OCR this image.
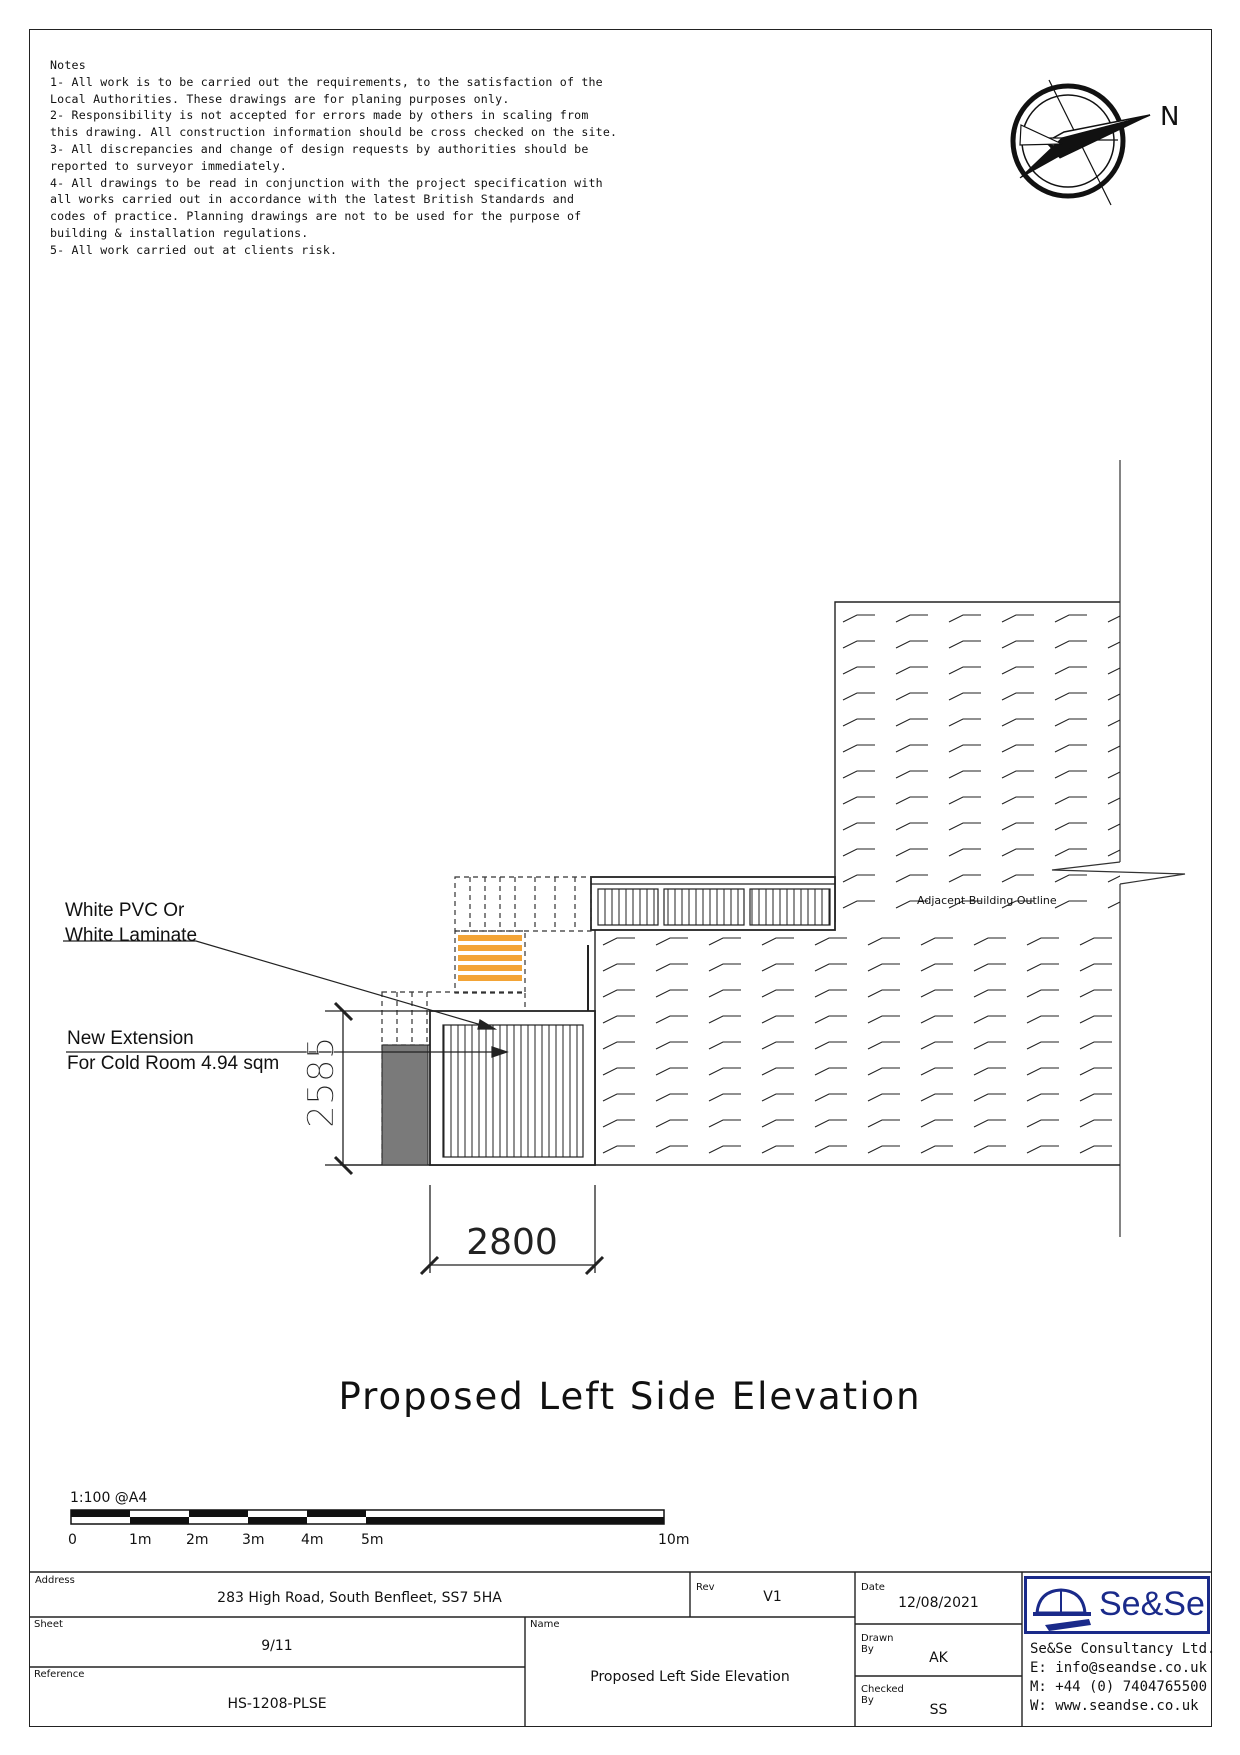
Notes
1- All work is to be carried out the requirements, to the satisfaction of the
Local Authorities. These drawings are for planing purposes only.
2- Responsibility is not accepted for errors made by others in scaling from
this drawing. All construction information should be cross checked on the site.
3- All discrepancies and change of design requests by authorities should be
reported to surveyor immediately.
4- All drawings to be read in conjunction with the project specification with
all works carried out in accordance with the latest British Standards and
codes of practice. Planning drawings are not to be used for the purpose of
building & installation regulations.
5- All work carried out at clients risk.
N
2585
2800
White PVC Or
White Laminate
New Extension
For Cold Room 4.94 sqm
Adjacent Building Outline
Proposed Left Side Elevation
1:100 @A4
0	1m 2m 3m	4m	5m	10m
Address
283 High Road, South Benfleet, SS7 5HA
Rev
V1
Date
12/08/2021
Sheet
9/11
Name
Proposed Left Side Elevation
Drawn By
AK
Reference
HS-1208-PLSE
Checked By
SS
Se&Se
Se&Se Consultancy Ltd.
E: info@seandse.co.uk
M: +44 (0) 7404765500
W: www.seandse.co.uk
